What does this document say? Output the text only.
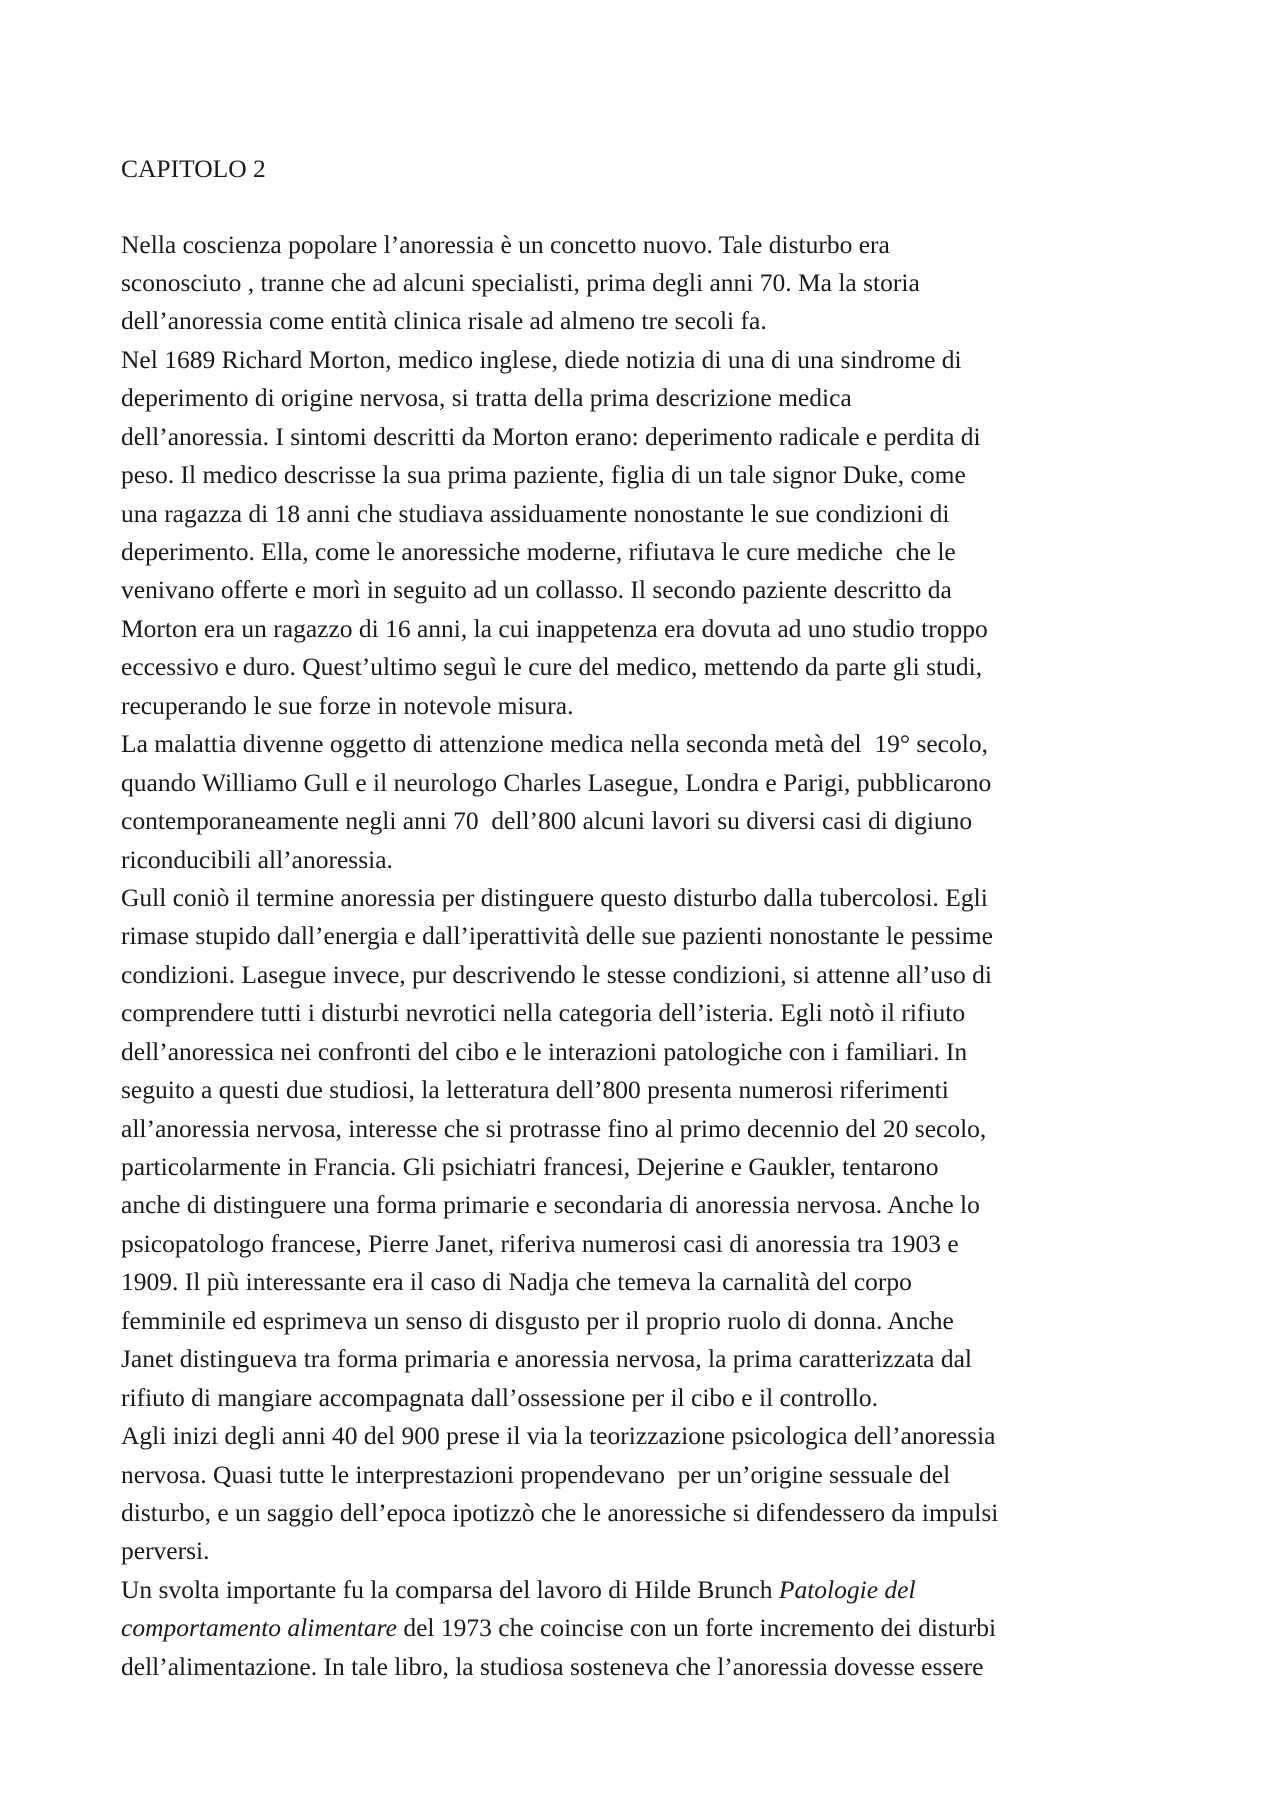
CAPITOLO 2
Nella coscienza popolare l’anoressia è un concetto nuovo. Tale disturbo era
sconosciuto , tranne che ad alcuni specialisti, prima degli anni 70. Ma la storia
dell’anoressia come entità clinica risale ad almeno tre secoli fa.
Nel 1689 Richard Morton, medico inglese, diede notizia di una di una sindrome di
deperimento di origine nervosa, si tratta della prima descrizione medica
dell’anoressia. I sintomi descritti da Morton erano: deperimento radicale e perdita di
peso. Il medico descrisse la sua prima paziente, figlia di un tale signor Duke, come
una ragazza di 18 anni che studiava assiduamente nonostante le sue condizioni di
deperimento. Ella, come le anoressiche moderne, rifiutava le cure mediche  che le
venivano offerte e morì in seguito ad un collasso. Il secondo paziente descritto da
Morton era un ragazzo di 16 anni, la cui inappetenza era dovuta ad uno studio troppo
eccessivo e duro. Quest’ultimo seguì le cure del medico, mettendo da parte gli studi,
recuperando le sue forze in notevole misura.
La malattia divenne oggetto di attenzione medica nella seconda metà del  19° secolo,
quando Williamo Gull e il neurologo Charles Lasegue, Londra e Parigi, pubblicarono
contemporaneamente negli anni 70  dell’800 alcuni lavori su diversi casi di digiuno
riconducibili all’anoressia.
Gull coniò il termine anoressia per distinguere questo disturbo dalla tubercolosi. Egli
rimase stupido dall’energia e dall’iperattività delle sue pazienti nonostante le pessime
condizioni. Lasegue invece, pur descrivendo le stesse condizioni, si attenne all’uso di
comprendere tutti i disturbi nevrotici nella categoria dell’isteria. Egli notò il rifiuto
dell’anoressica nei confronti del cibo e le interazioni patologiche con i familiari. In
seguito a questi due studiosi, la letteratura dell’800 presenta numerosi riferimenti
all’anoressia nervosa, interesse che si protrasse fino al primo decennio del 20 secolo,
particolarmente in Francia. Gli psichiatri francesi, Dejerine e Gaukler, tentarono
anche di distinguere una forma primarie e secondaria di anoressia nervosa. Anche lo
psicopatologo francese, Pierre Janet, riferiva numerosi casi di anoressia tra 1903 e
1909. Il più interessante era il caso di Nadja che temeva la carnalità del corpo
femminile ed esprimeva un senso di disgusto per il proprio ruolo di donna. Anche
Janet distingueva tra forma primaria e anoressia nervosa, la prima caratterizzata dal
rifiuto di mangiare accompagnata dall’ossessione per il cibo e il controllo.
Agli inizi degli anni 40 del 900 prese il via la teorizzazione psicologica dell’anoressia
nervosa. Quasi tutte le interprestazioni propendevano  per un’origine sessuale del
disturbo, e un saggio dell’epoca ipotizzò che le anoressiche si difendessero da impulsi
perversi.
Un svolta importante fu la comparsa del lavoro di Hilde Brunch Patologie del
comportamento alimentare del 1973 che coincise con un forte incremento dei disturbi
dell’alimentazione. In tale libro, la studiosa sosteneva che l’anoressia dovesse essere
